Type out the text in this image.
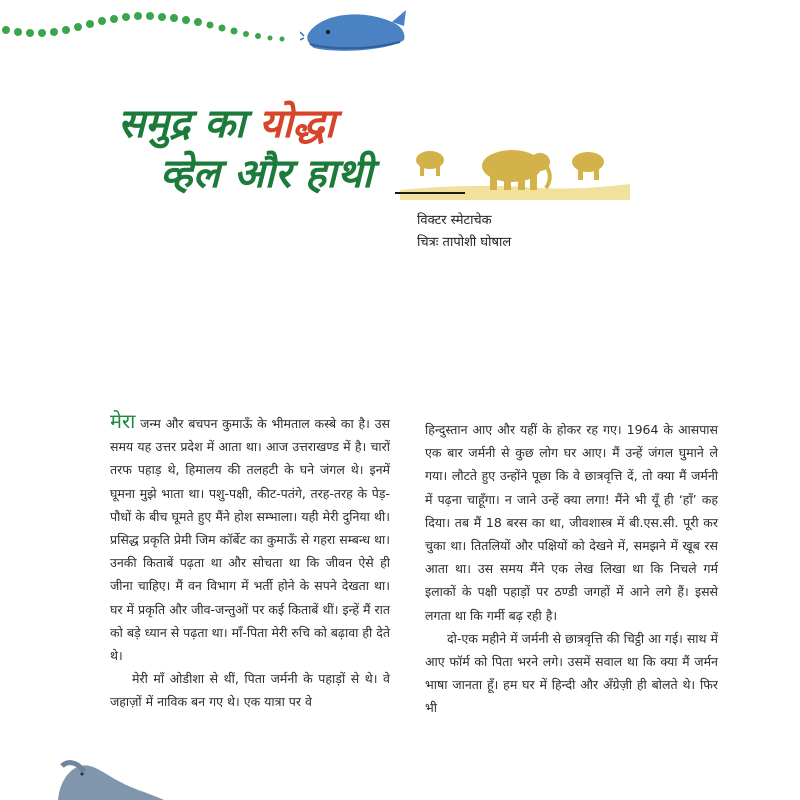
समुद्र का योद्धा
व्हेल और हाथी
विक्टर स्मेटाचेक
चित्रः तापोशी घोषाल

मेरा जन्म और बचपन कुमाऊँ के भीमताल कस्बे का है। उस समय यह उत्तर प्रदेश में आता था। आज उत्तराखण्ड में है। चारों तरफ पहाड़ थे, हिमालय की तलहटी के घने जंगल थे। इनमें घूमना मुझे भाता था। पशु-पक्षी, कीट-पतंगे, तरह-तरह के पेड़-पौधों के बीच घूमते हुए मैंने होश सम्भाला। यही मेरी दुनिया थी। प्रसिद्ध प्रकृति प्रेमी जिम कॉर्बेट का कुमाऊँ से गहरा सम्बन्ध था। उनकी किताबें पढ़ता था और सोचता था कि जीवन ऐसे ही जीना चाहिए। मैं वन विभाग में भर्ती होने के सपने देखता था। घर में प्रकृति और जीव-जन्तुओं पर कई किताबें थीं। इन्हें मैं रात को बड़े ध्यान से पढ़ता था। माँ-पिता मेरी रुचि को बढ़ावा ही देते थे।

मेरी माँ ओडीशा से थीं, पिता जर्मनी के पहाड़ों से थे। वे जहाज़ों में नाविक बन गए थे। एक यात्रा पर वे

हिन्दुस्तान आए और यहीं के होकर रह गए। 1964 के आसपास एक बार जर्मनी से कुछ लोग घर आए। मैं उन्हें जंगल घुमाने ले गया। लौटते हुए उन्होंने पूछा कि वे छात्रवृत्ति दें, तो क्या मैं जर्मनी में पढ़ना चाहूँगा। न जाने उन्हें क्या लगा! मैंने भी यूँ ही ‘हाँ’ कह दिया। तब मैं 18 बरस का था, जीवशास्त्र में बी.एस.सी. पूरी कर चुका था। तितलियों और पक्षियों को देखने में, समझने में खूब रस आता था। उस समय मैंने एक लेख लिखा था कि निचले गर्म इलाकों के पक्षी पहाड़ों पर ठण्डी जगहों में आने लगे हैं। इससे लगता था कि गर्मी बढ़ रही है।

दो-एक महीने में जर्मनी से छात्रवृत्ति की चिट्ठी आ गई। साथ में आए फॉर्म को पिता भरने लगे। उसमें सवाल था कि क्या मैं जर्मन भाषा जानता हूँ। हम घर में हिन्दी और अँग्रेज़ी ही बोलते थे। फिर भी
